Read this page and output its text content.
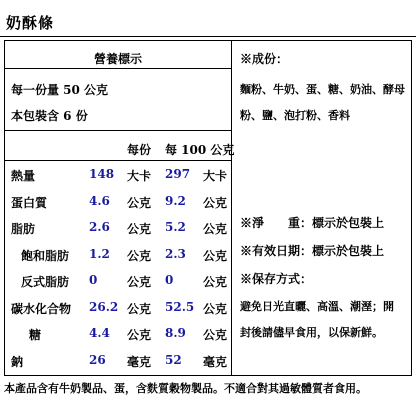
奶酥條
營養標示
每一份量 50 公克
本包裝含 6 份
每份 每 100 公克
熱量	148 大卡 297 大卡
蛋白質	4.6 公克 9.2 公克
脂肪	2.6 公克 5.2 公克
飽和脂肪 1.2 公克 2.3 公克
反式脂肪 0 公克 0 公克
碳水化合物 26.2 公克 52.5 公克
糖	4.4 公克 8.9 公克
鈉	26 毫克 52 毫克
※成份：
麵粉、牛奶、蛋、糖、奶油、酵母
粉、鹽、泡打粉、香料
※淨　　重：標示於包裝上
※有效日期：標示於包裝上
※保存方式：
避免日光直曬、高溫、潮溼；開
封後請儘早食用，以保新鮮。
本產品含有牛奶製品、蛋，含麩質穀物製品。不適合對其過敏體質者食用。
